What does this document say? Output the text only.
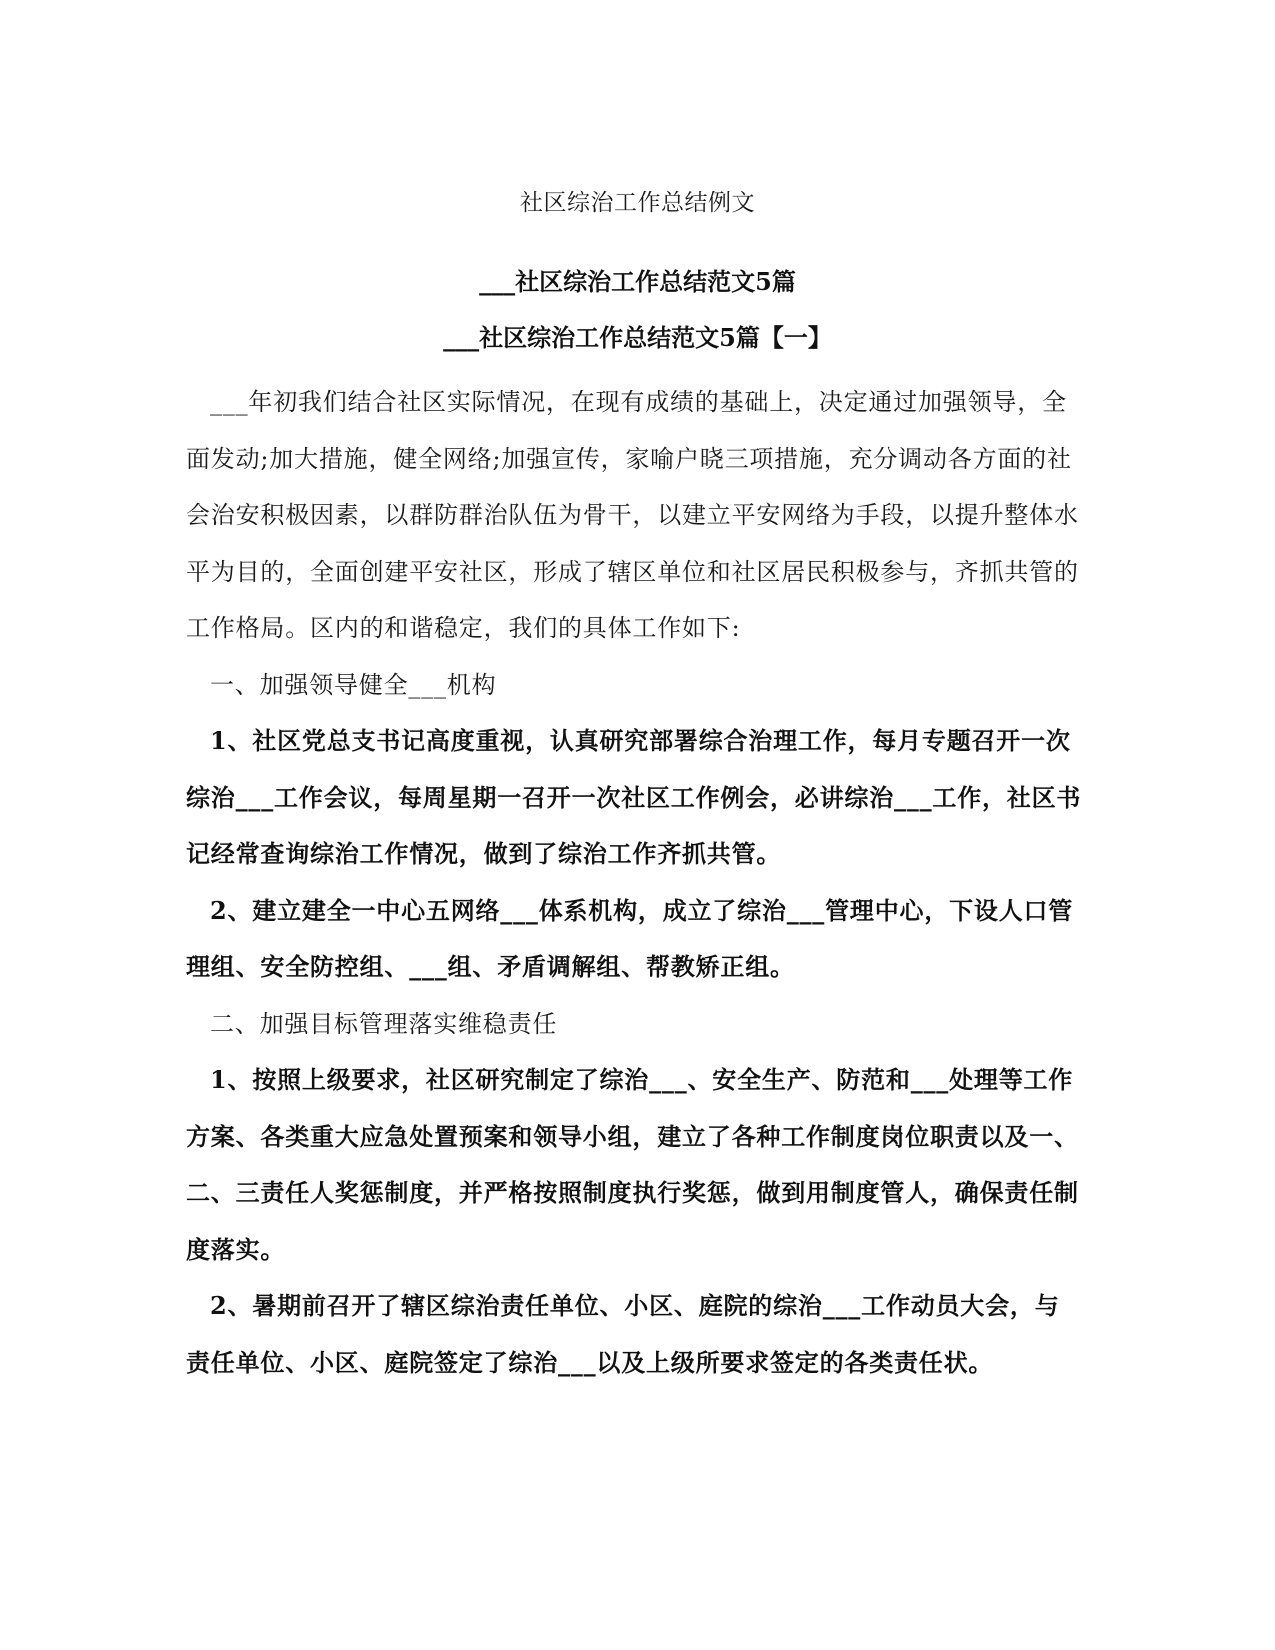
社区综治工作总结例文
___社区综治工作总结范文5篇
___社区综治工作总结范文5篇【一】

___年初我们结合社区实际情况，在现有成绩的基础上，决定通过加强领导，全面发动;加大措施，健全网络;加强宣传，家喻户晓三项措施，充分调动各方面的社会治安积极因素，以群防群治队伍为骨干，以建立平安网络为手段，以提升整体水平为目的，全面创建平安社区，形成了辖区单位和社区居民积极参与，齐抓共管的工作格局。区内的和谐稳定，我们的具体工作如下:

一、加强领导健全___机构

1、社区党总支书记高度重视，认真研究部署综合治理工作，每月专题召开一次综治___工作会议，每周星期一召开一次社区工作例会，必讲综治___工作，社区书记经常查询综治工作情况，做到了综治工作齐抓共管。

2、建立建全一中心五网络___体系机构，成立了综治___管理中心，下设人口管理组、安全防控组、___组、矛盾调解组、帮教矫正组。

二、加强目标管理落实维稳责任

1、按照上级要求，社区研究制定了综治___、安全生产、防范和___处理等工作方案、各类重大应急处置预案和领导小组，建立了各种工作制度岗位职责以及一、二、三责任人奖惩制度，并严格按照制度执行奖惩，做到用制度管人，确保责任制度落实。

2、暑期前召开了辖区综治责任单位、小区、庭院的综治___工作动员大会，与责任单位、小区、庭院签定了综治___以及上级所要求签定的各类责任状。
